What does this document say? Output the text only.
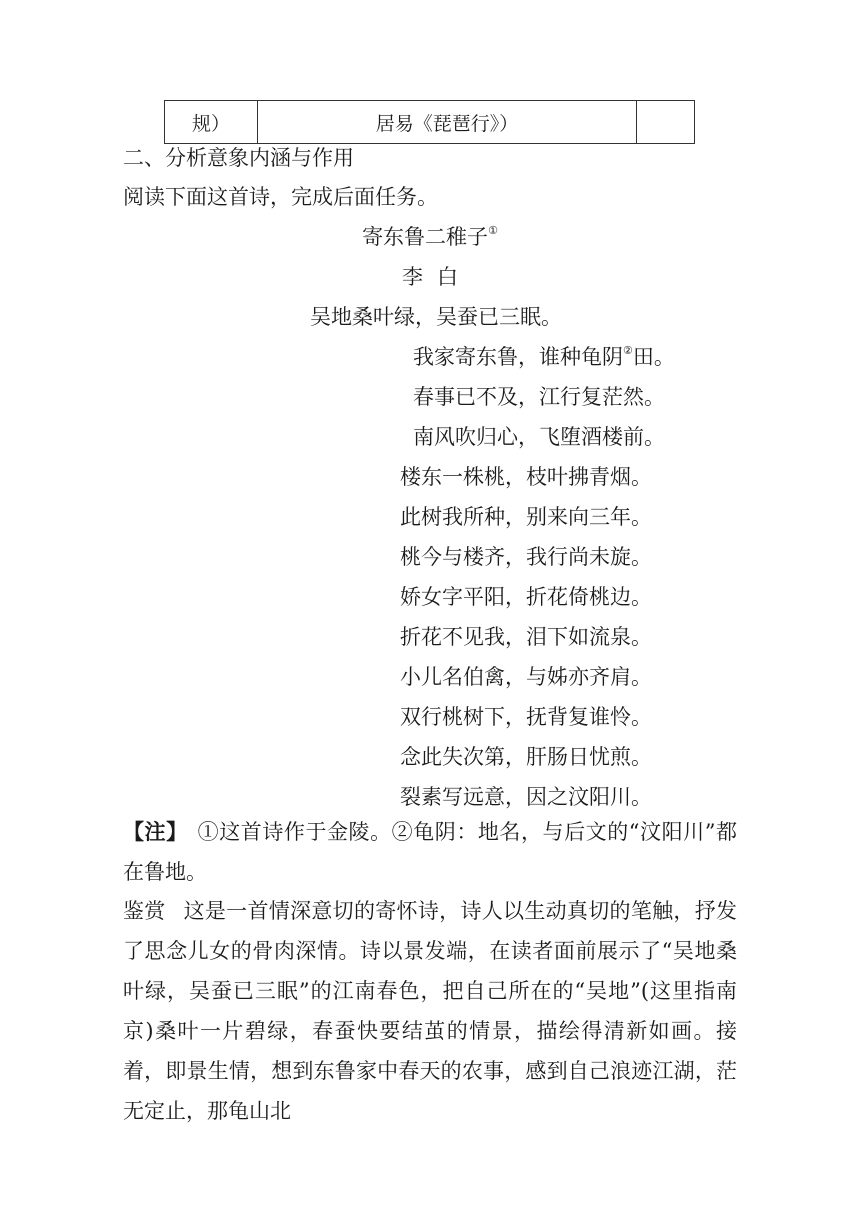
规）	居易《琵琶行》）	
二、分析意象内涵与作用
阅读下面这首诗，完成后面任务。
寄东鲁二稚子①
李白
吴地桑叶绿，吴蚕已三眠。
我家寄东鲁，谁种龟阴②田。
春事已不及，江行复茫然。
南风吹归心，飞堕酒楼前。
楼东一株桃，枝叶拂青烟。
此树我所种，别来向三年。
桃今与楼齐，我行尚未旋。
娇女字平阳，折花倚桃边。
折花不见我，泪下如流泉。
小儿名伯禽，与姊亦齐肩。
双行桃树下，抚背复谁怜。
念此失次第，肝肠日忧煎。
裂素写远意，因之汶阳川。
【注】 ①这首诗作于金陵。②龟阴：地名，与后文的“汶阳川”都在鲁地。
鉴赏 这是一首情深意切的寄怀诗，诗人以生动真切的笔触，抒发了思念儿女的骨肉深情。诗以景发端，在读者面前展示了“吴地桑叶绿，吴蚕已三眠”的江南春色，把自己所在的“吴地”(这里指南京)桑叶一片碧绿，春蚕快要结茧的情景，描绘得清新如画。接着，即景生情，想到东鲁家中春天的农事，感到自己浪迹江湖，茫无定止，那龟山北
